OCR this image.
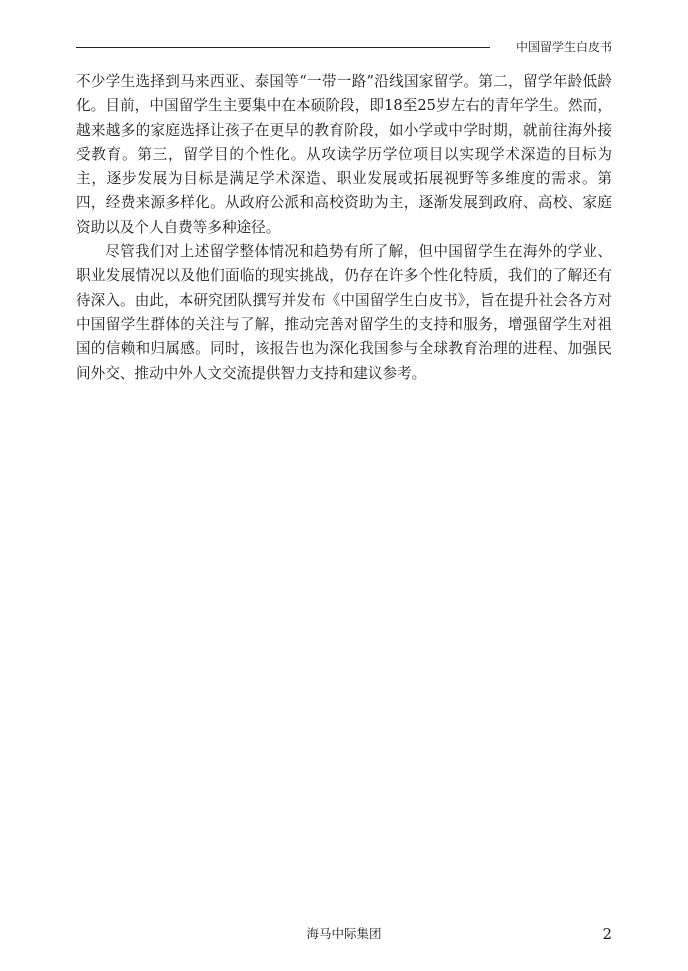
中国留学生白皮书

不少学生选择到马来西亚、泰国等“一带一路”沿线国家留学。第二，留学年龄低龄化。目前，中国留学生主要集中在本硕阶段，即18至25岁左右的青年学生。然而，越来越多的家庭选择让孩子在更早的教育阶段，如小学或中学时期，就前往海外接受教育。第三，留学目的个性化。从攻读学历学位项目以实现学术深造的目标为主，逐步发展为目标是满足学术深造、职业发展或拓展视野等多维度的需求。第四，经费来源多样化。从政府公派和高校资助为主，逐渐发展到政府、高校、家庭资助以及个人自费等多种途径。

尽管我们对上述留学整体情况和趋势有所了解，但中国留学生在海外的学业、职业发展情况以及他们面临的现实挑战，仍存在许多个性化特质，我们的了解还有待深入。由此，本研究团队撰写并发布《中国留学生白皮书》，旨在提升社会各方对中国留学生群体的关注与了解，推动完善对留学生的支持和服务，增强留学生对祖国的信赖和归属感。同时，该报告也为深化我国参与全球教育治理的进程、加强民间外交、推动中外人文交流提供智力支持和建议参考。

海马中际集团	2
